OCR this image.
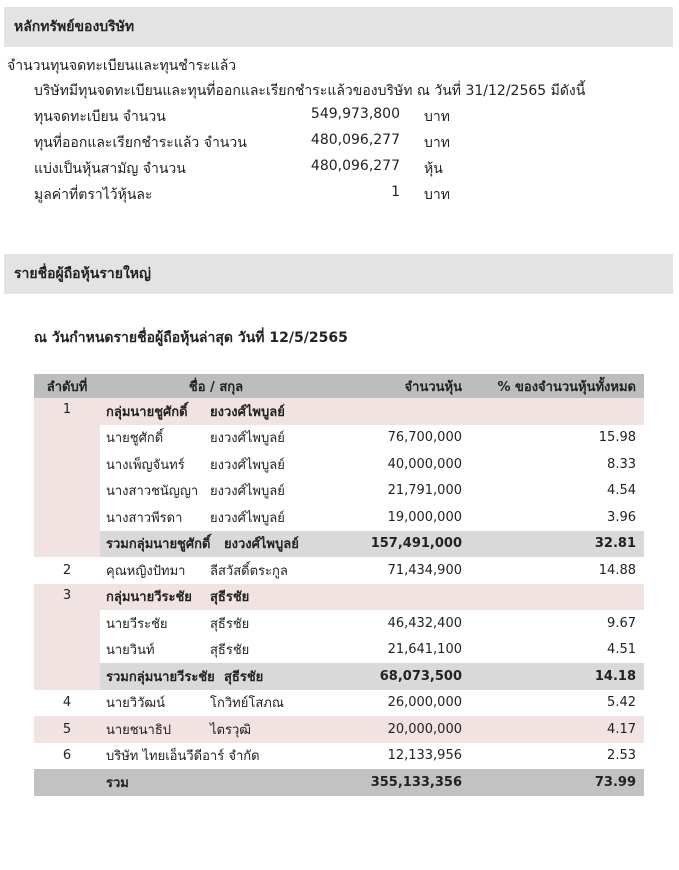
หลักทรัพย์ของบริษัท
จำนวนทุนจดทะเบียนและทุนชำระแล้ว
บริษัทมีทุนจดทะเบียนและทุนที่ออกและเรียกชำระแล้วของบริษัท ณ วันที่ 31/12/2565 มีดังนี้
ทุนจดทะเบียน จำนวน	549,973,800 บาท
ทุนที่ออกและเรียกชำระแล้ว จำนวน	480,096,277 บาท
แบ่งเป็นหุ้นสามัญ จำนวน	480,096,277 หุ้น
มูลค่าที่ตราไว้หุ้นละ	1 บาท
รายชื่อผู้ถือหุ้นรายใหญ่
ณ วันกำหนดรายชื่อผู้ถือหุ้นล่าสุด วันที่ 12/5/2565
ลำดับที่	ชื่อ / สกุล	จำนวนหุ้น	% ของจำนวนหุ้นทั้งหมด
1	กลุ่มนายชูศักดิ์ ยงวงศ์ไพบูลย์		
	นายชูศักดิ์ ยงวงศ์ไพบูลย์	76,700,000	15.98
	นางเพ็ญจันทร์ ยงวงศ์ไพบูลย์	40,000,000	8.33
	นางสาวชนัญญา ยงวงศ์ไพบูลย์	21,791,000	4.54
	นางสาวพีรดา ยงวงศ์ไพบูลย์	19,000,000	3.96
	รวมกลุ่มนายชูศักดิ์ ยงวงศ์ไพบูลย์	157,491,000	32.81
2	คุณหญิงปัทมา ลีสวัสดิ์ตระกูล	71,434,900	14.88
3	กลุ่มนายวีระชัย สุธีรชัย		
	นายวีระชัย สุธีรชัย	46,432,400	9.67
	นายวินท์ สุธีรชัย	21,641,100	4.51
	รวมกลุ่มนายวีระชัย สุธีรชัย	68,073,500	14.18
4	นายวิวัฒน์ โกวิทย์โสภณ	26,000,000	5.42
5	นายชนาธิป ไตรวุฒิ	20,000,000	4.17
6	บริษัท ไทยเอ็นวีดีอาร์ จำกัด	12,133,956	2.53
	รวม	355,133,356	73.99
